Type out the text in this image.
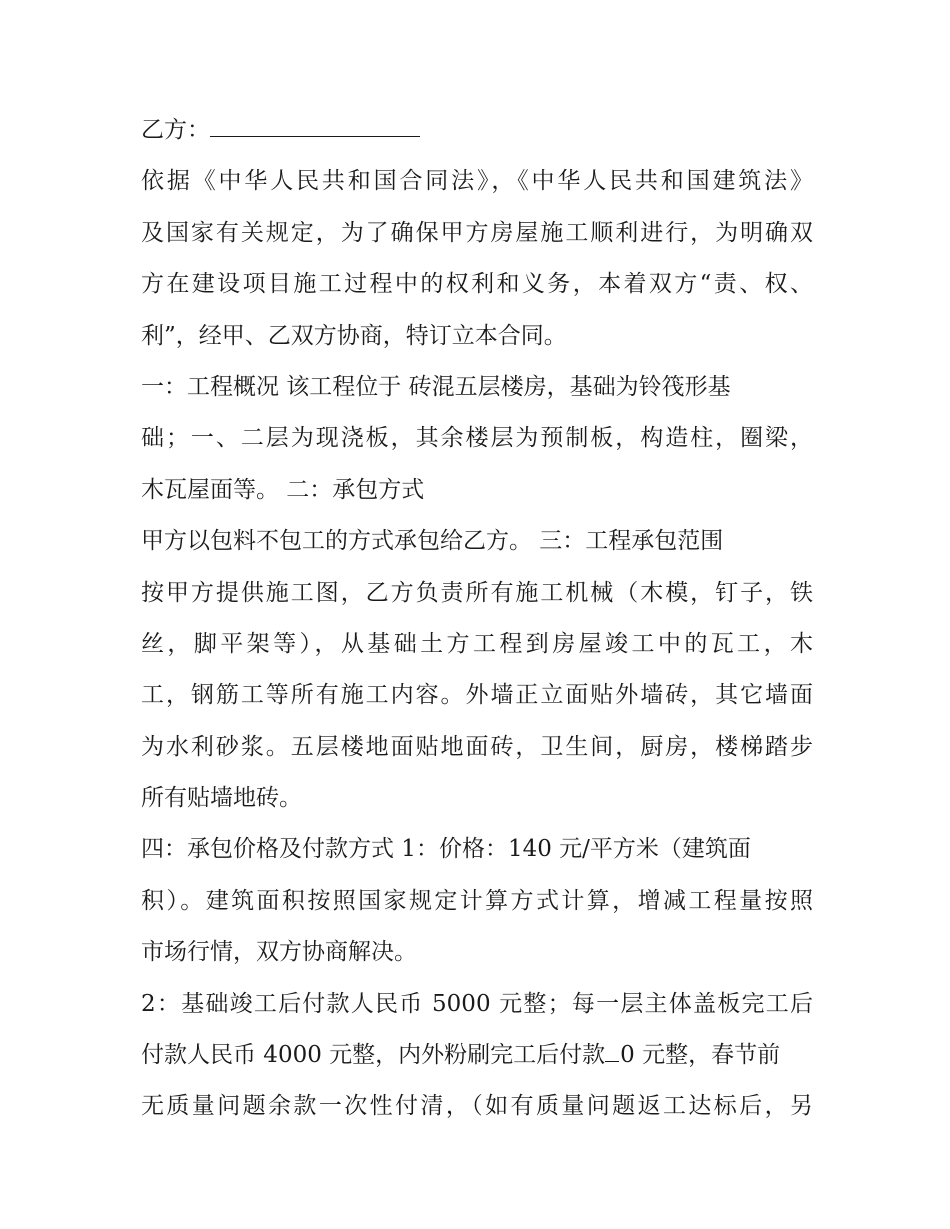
乙方：
依据《中华人民共和国合同法》，《中华人民共和国建筑法》
及国家有关规定，为了确保甲方房屋施工顺利进行，为明确双
方在建设项目施工过程中的权利和义务，本着双方“责、权、
利”，经甲、乙双方协商，特订立本合同。
一：工程概况 该工程位于 砖混五层楼房，基础为铃筏形基
础；一、二层为现浇板，其余楼层为预制板，构造柱，圈梁，
木瓦屋面等。 二：承包方式
甲方以包料不包工的方式承包给乙方。 三：工程承包范围
按甲方提供施工图，乙方负责所有施工机械（木模，钉子，铁
丝，脚平架等），从基础土方工程到房屋竣工中的瓦工，木
工，钢筋工等所有施工内容。外墙正立面贴外墙砖，其它墙面
为水利砂浆。五层楼地面贴地面砖，卫生间，厨房，楼梯踏步
所有贴墙地砖。
四：承包价格及付款方式 1：价格：140 元/平方米（建筑面
积）。建筑面积按照国家规定计算方式计算，增减工程量按照
市场行情，双方协商解决。
2：基础竣工后付款人民币 5000 元整；每一层主体盖板完工后
付款人民币 4000 元整，内外粉刷完工后付款 0 元整，春节前
无质量问题余款一次性付清，（如有质量问题返工达标后，另
